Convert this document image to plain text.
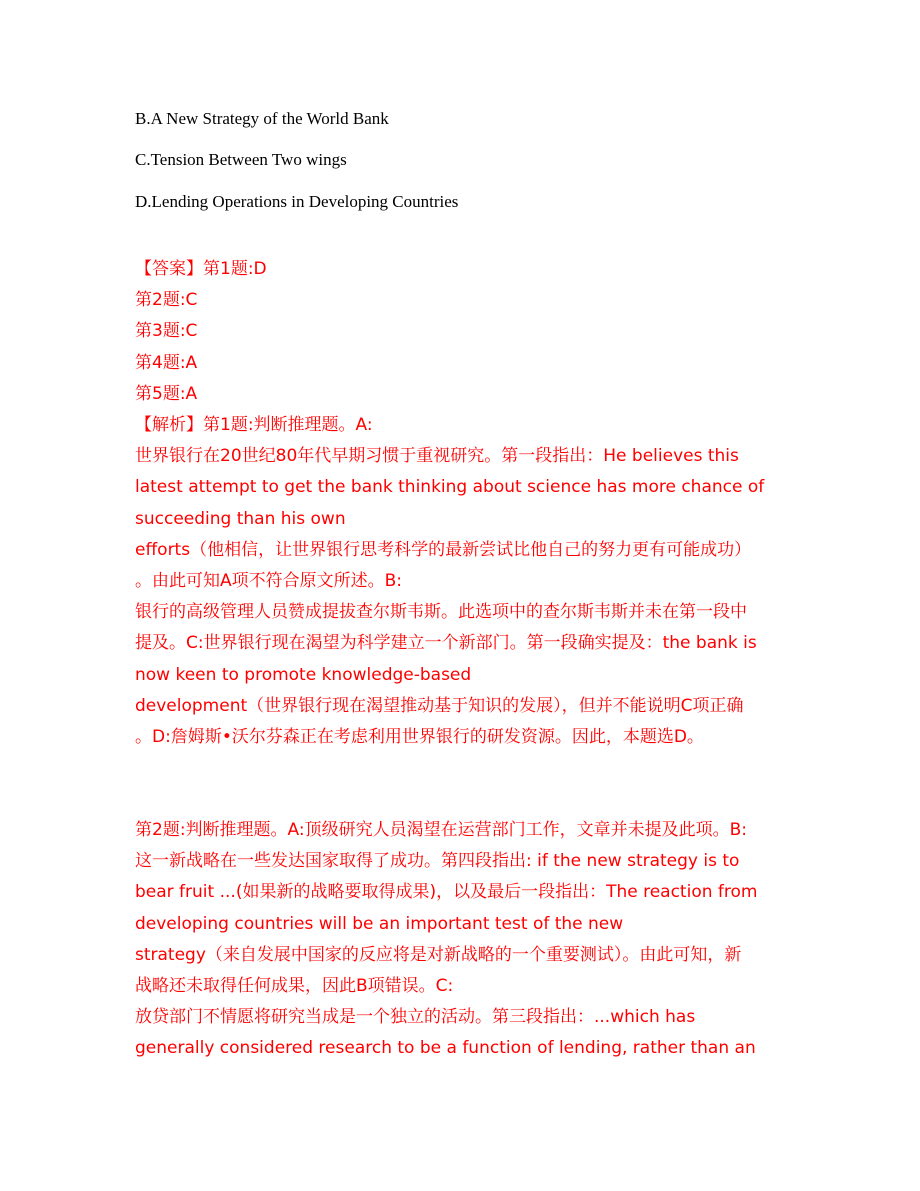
B.A New Strategy of the World Bank
C.Tension Between Two wings
D.Lending Operations in Developing Countries
【答案】第1题:D
第2题:C
第3题:C
第4题:A
第5题:A
【解析】第1题:判断推理题。A:
世界银行在20世纪80年代早期习惯于重视研究。第一段指出：He believes this
latest attempt to get the bank thinking about science has more chance of
succeeding than his own
efforts（他相信，让世界银行思考科学的最新尝试比他自己的努力更有可能成功）
。由此可知A项不符合原文所述。B:
银行的高级管理人员赞成提拔查尔斯韦斯。此选项中的查尔斯韦斯并未在第一段中
提及。C:世界银行现在渴望为科学建立一个新部门。第一段确实提及：the bank is
now keen to promote knowledge-based
development（世界银行现在渴望推动基于知识的发展），但并不能说明C项正确
。D:詹姆斯•沃尔芬森正在考虑利用世界银行的研发资源。因此，本题选D。
第2题:判断推理题。A:顶级研究人员渴望在运营部门工作，文章并未提及此项。B:
这一新战略在一些发达国家取得了成功。第四段指出: if the new strategy is to
bear fruit ...(如果新的战略要取得成果)，以及最后一段指出：The reaction from
developing countries will be an important test of the new
strategy（来自发展中国家的反应将是对新战略的一个重要测试）。由此可知，新
战略还未取得任何成果，因此B项错误。C:
放贷部门不情愿将研究当成是一个独立的活动。第三段指出：...which has
generally considered research to be a function of lending, rather than an
